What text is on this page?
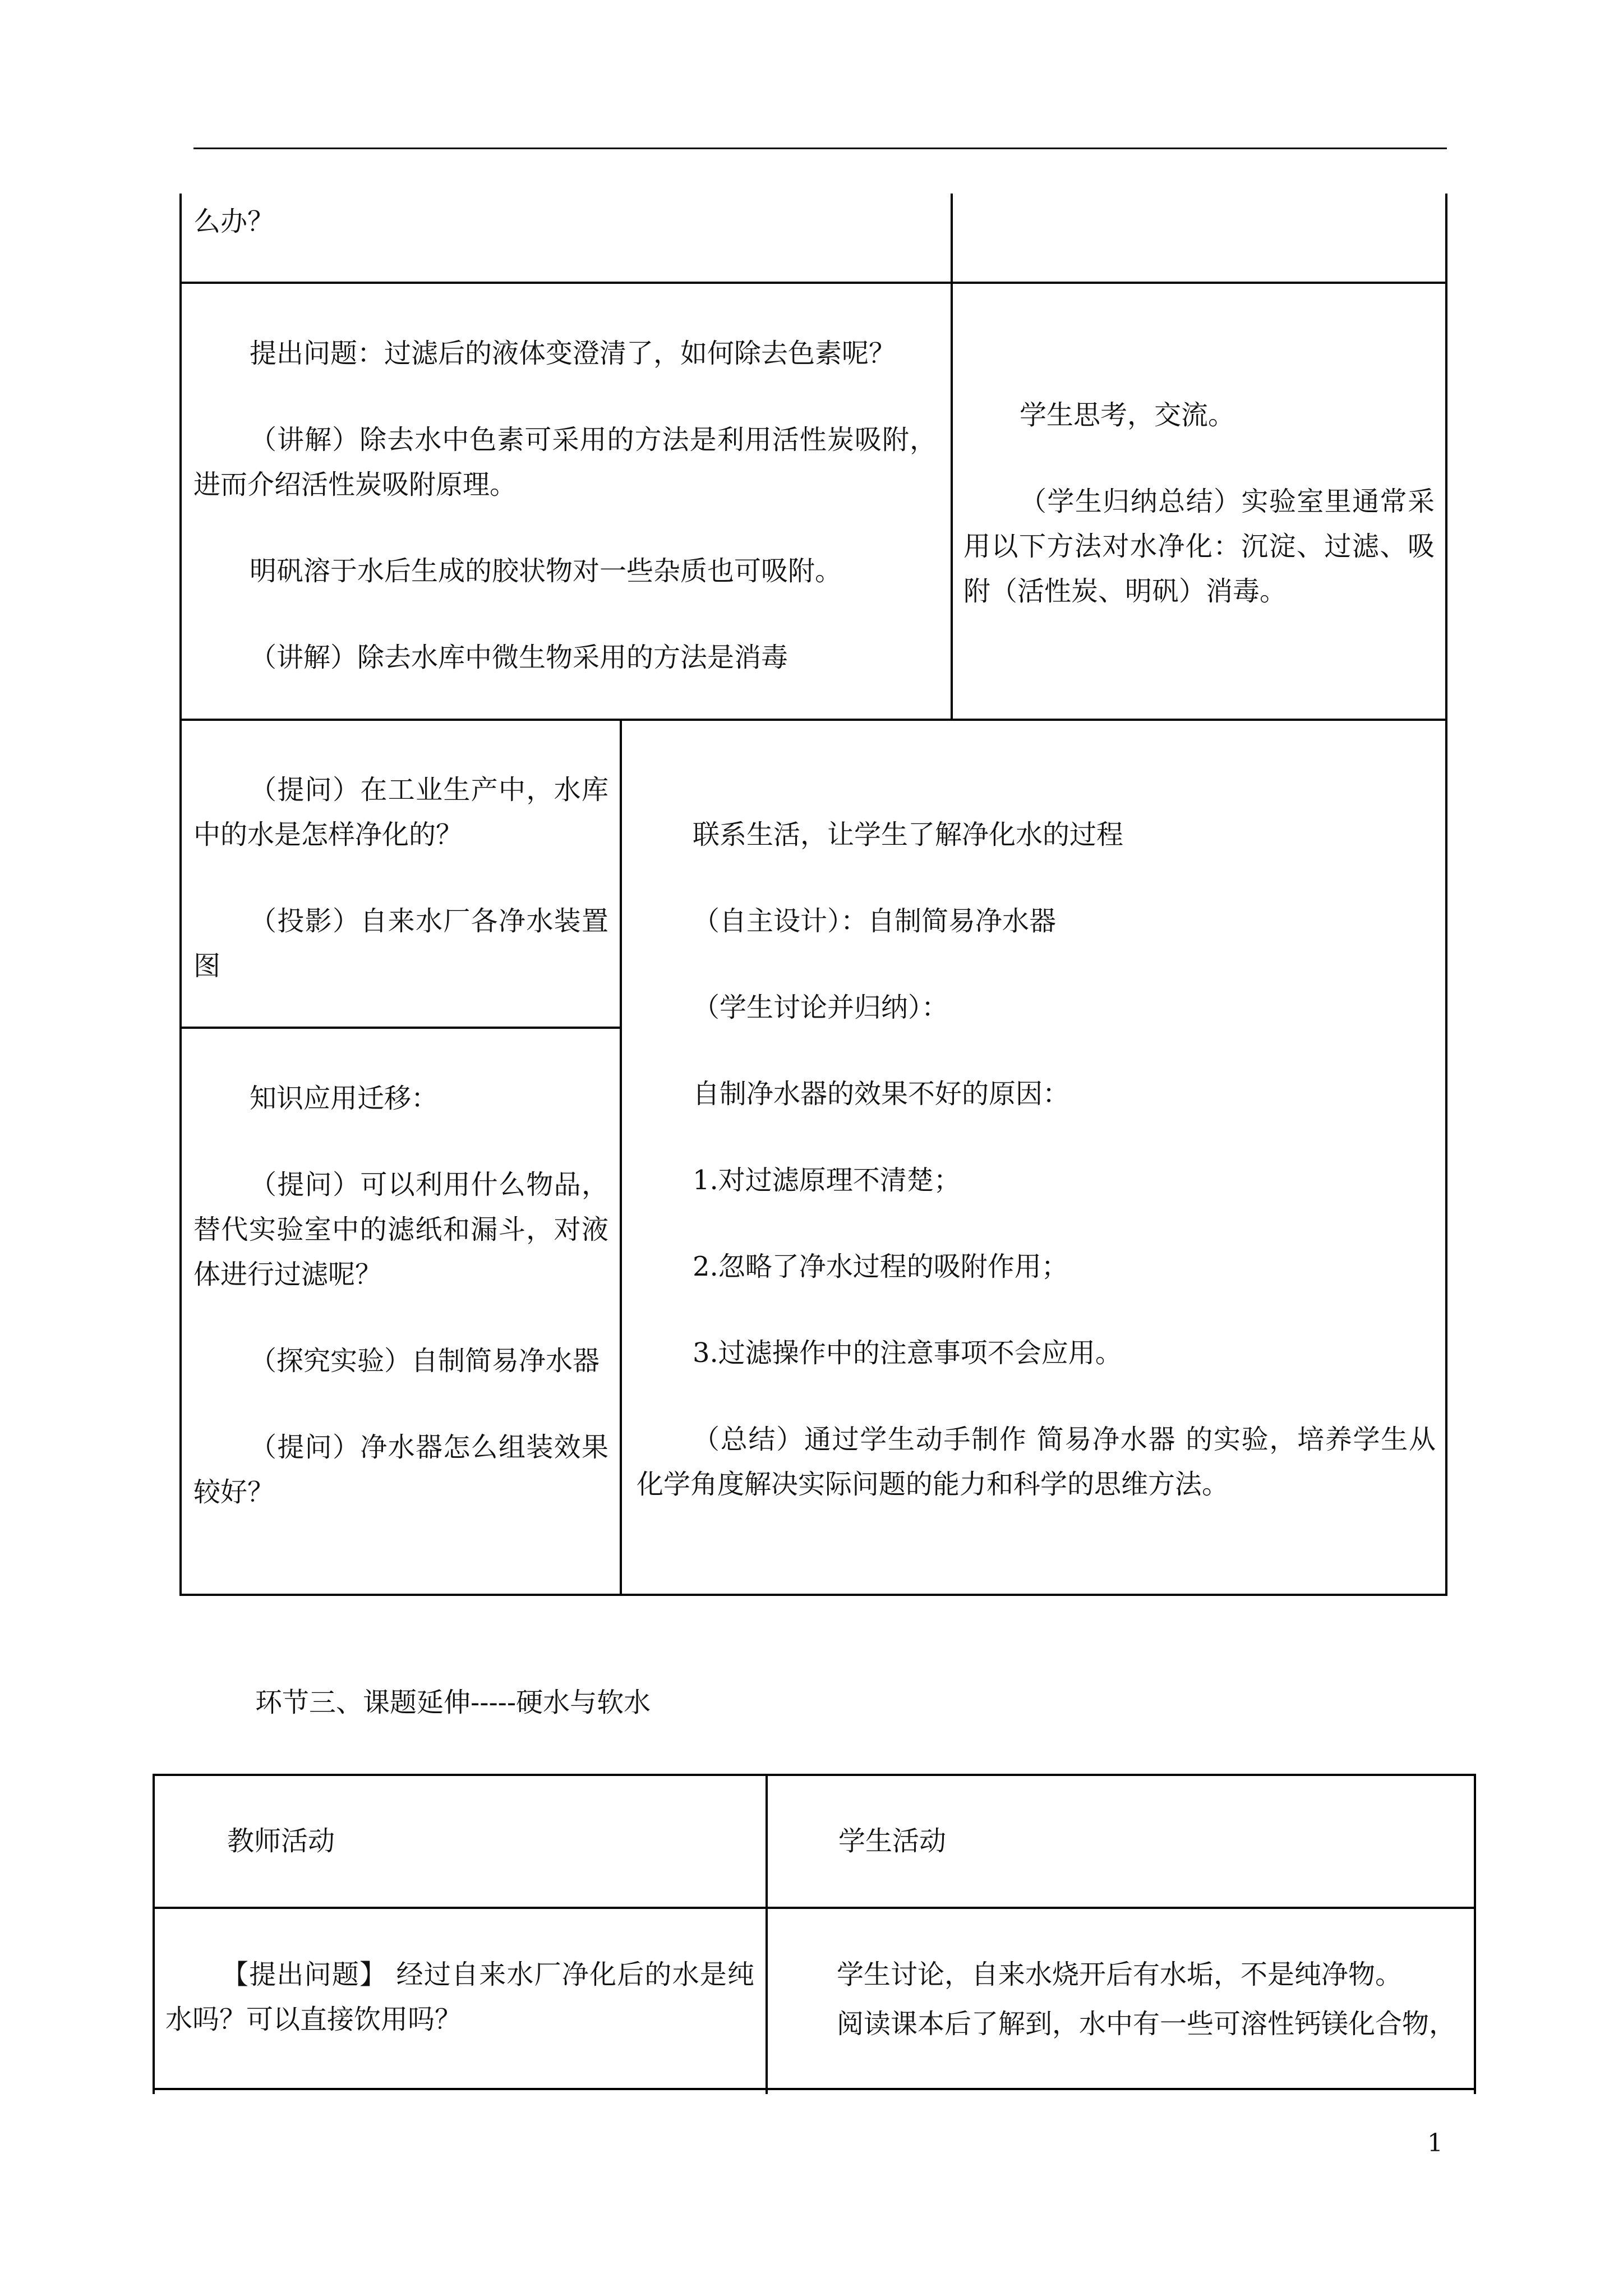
么办？

提出问题：过滤后的液体变澄清了，如何除去色素呢？

（讲解）除去水中色素可采用的方法是利用活性炭吸附，进而介绍活性炭吸附原理。

明矾溶于水后生成的胶状物对一些杂质也可吸附。

（讲解）除去水库中微生物采用的方法是消毒

学生思考，交流。

（学生归纳总结）实验室里通常采用以下方法对水净化：沉淀、过滤、吸附（活性炭、明矾）消毒。

（提问）在工业生产中，水库中的水是怎样净化的？

（投影）自来水厂各净水装置图

知识应用迁移：

（提问）可以利用什么物品，替代实验室中的滤纸和漏斗，对液体进行过滤呢？

（探究实验）自制简易净水器

（提问）净水器怎么组装效果较好？

联系生活，让学生了解净化水的过程

（自主设计）：自制简易净水器

（学生讨论并归纳）：

自制净水器的效果不好的原因：

1.对过滤原理不清楚；

2.忽略了净水过程的吸附作用；

3.过滤操作中的注意事项不会应用。

（总结）通过学生动手制作 简易净水器 的实验，培养学生从化学角度解决实际问题的能力和科学的思维方法。

环节三、课题延伸-----硬水与软水

教师活动	学生活动

【提出问题】 经过自来水厂净化后的水是纯水吗？可以直接饮用吗？

学生讨论，自来水烧开后有水垢，不是纯净物。

阅读课本后了解到，水中有一些可溶性钙镁化合物，

1
